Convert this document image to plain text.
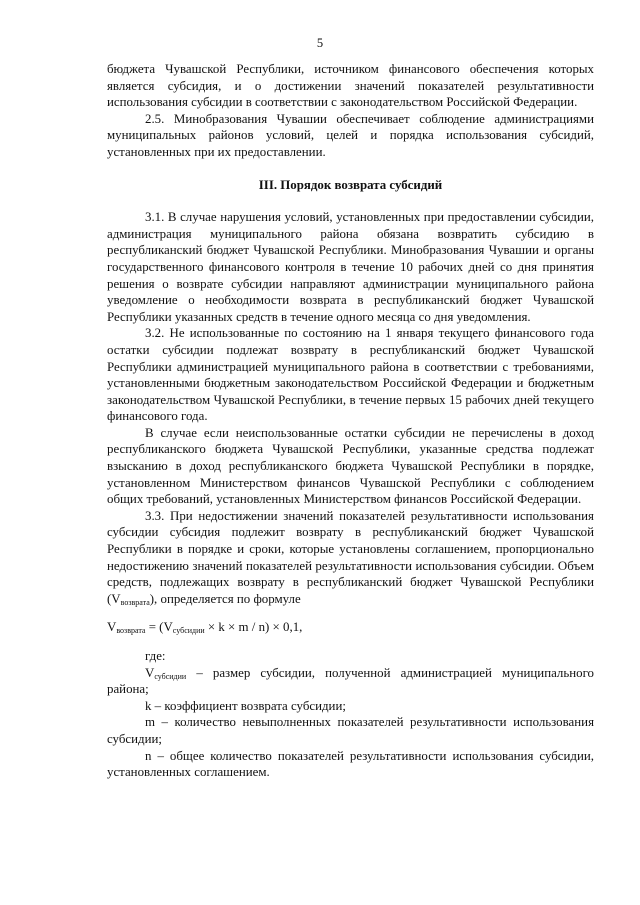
5

бюджета Чувашской Республики, источником финансового обеспечения которых является субсидия, и о достижении значений показателей результативности использования субсидии в соответствии с законодательством Российской Федерации.

2.5. Минобразования Чувашии обеспечивает соблюдение администрациями муниципальных районов условий, целей и порядка использования субсидий, установленных при их предоставлении.

III. Порядок возврата субсидий

3.1. В случае нарушения условий, установленных при предоставлении субсидии, администрация муниципального района обязана возвратить субсидию в республиканский бюджет Чувашской Республики. Минобразования Чувашии и органы государственного финансового контроля в течение 10 рабочих дней со дня принятия решения о возврате субсидии направляют администрации муниципального района уведомление о необходимости возврата в республиканский бюджет Чувашской Республики указанных средств в течение одного месяца со дня уведомления.

3.2. Не использованные по состоянию на 1 января текущего финансового года остатки субсидии подлежат возврату в республиканский бюджет Чувашской Республики администрацией муниципального района в соответствии с требованиями, установленными бюджетным законодательством Российской Федерации и бюджетным законодательством Чувашской Республики, в течение первых 15 рабочих дней текущего финансового года.

В случае если неиспользованные остатки субсидии не перечислены в доход республиканского бюджета Чувашской Республики, указанные средства подлежат взысканию в доход республиканского бюджета Чувашской Республики в порядке, установленном Министерством финансов Чувашской Республики с соблюдением общих требований, установленных Министерством финансов Российской Федерации.

3.3. При недостижении значений показателей результативности использования субсидии субсидия подлежит возврату в республиканский бюджет Чувашской Республики в порядке и сроки, которые установлены соглашением, пропорционально недостижению значений показателей результативности использования субсидии. Объем средств, подлежащих возврату в республиканский бюджет Чувашской Республики $(V_{возврата})$, определяется по формуле

$V_{возврата} = (V_{субсидии} \times k \times m / n) \times 0,1$,

где:

$V_{субсидии}$ – размер субсидии, полученной администрацией муниципального района;

k – коэффициент возврата субсидии;

m – количество невыполненных показателей результативности использования субсидии;

n – общее количество показателей результативности использования субсидии, установленных соглашением.
